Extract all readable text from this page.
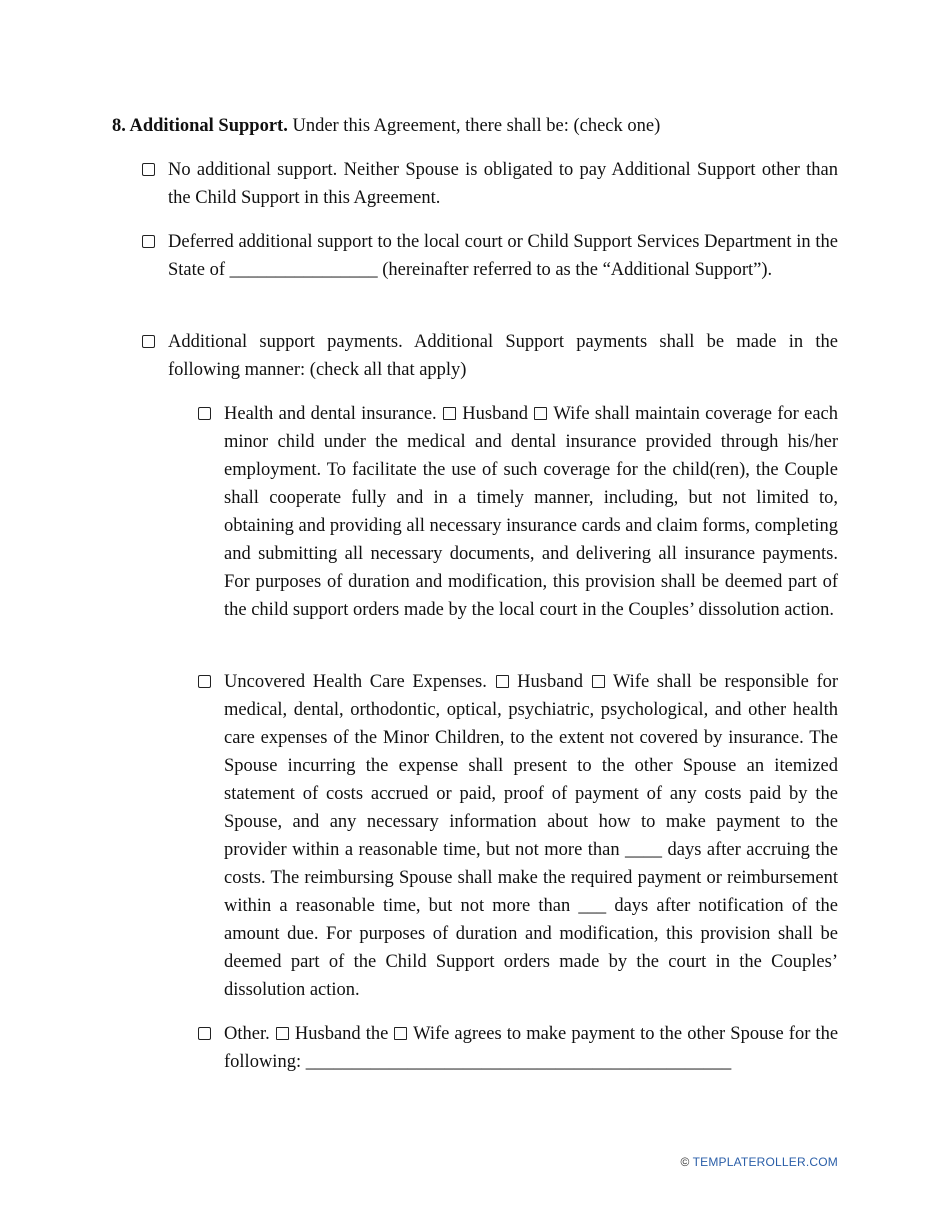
8. Additional Support. Under this Agreement, there shall be: (check one)
No additional support. Neither Spouse is obligated to pay Additional Support other than the Child Support in this Agreement.
Deferred additional support to the local court or Child Support Services Department in the State of ________________ (hereinafter referred to as the “Additional Support”).
Additional support payments. Additional Support payments shall be made in the following manner: (check all that apply)
Health and dental insurance. Husband Wife shall maintain coverage for each minor child under the medical and dental insurance provided through his/her employment. To facilitate the use of such coverage for the child(ren), the Couple shall cooperate fully and in a timely manner, including, but not limited to, obtaining and providing all necessary insurance cards and claim forms, completing and submitting all necessary documents, and delivering all insurance payments. For purposes of duration and modification, this provision shall be deemed part of the child support orders made by the local court in the Couples’ dissolution action.
Uncovered Health Care Expenses. Husband Wife shall be responsible for medical, dental, orthodontic, optical, psychiatric, psychological, and other health care expenses of the Minor Children, to the extent not covered by insurance. The Spouse incurring the expense shall present to the other Spouse an itemized statement of costs accrued or paid, proof of payment of any costs paid by the Spouse, and any necessary information about how to make payment to the provider within a reasonable time, but not more than ____ days after accruing the costs. The reimbursing Spouse shall make the required payment or reimbursement within a reasonable time, but not more than ___ days after notification of the amount due. For purposes of duration and modification, this provision shall be deemed part of the Child Support orders made by the court in the Couples’ dissolution action.
Other. Husband the Wife agrees to make payment to the other Spouse for the following: ______________________________________________
© TEMPLATEROLLER.COM
